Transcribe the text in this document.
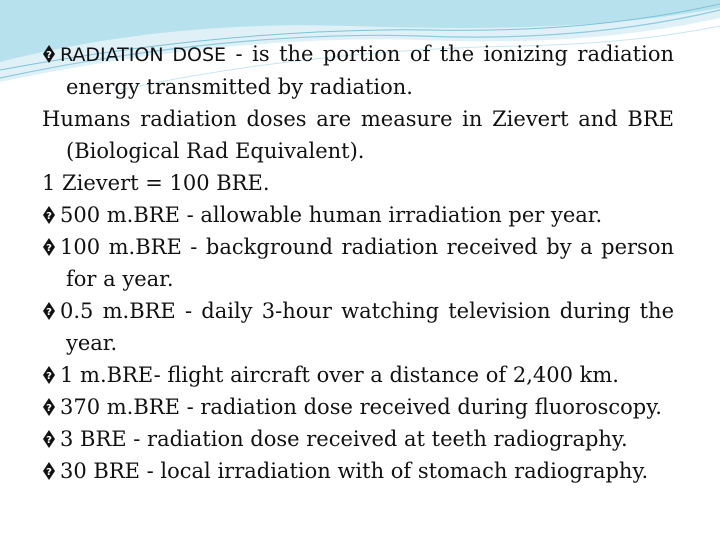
? RADIATION DOSE - is the portion of the ionizing radiation energy transmitted by radiation.

Humans radiation doses are measure in Zievert and BRE (Biological Rad Equivalent).

1 Zievert = 100 BRE.

? 500 m.BRE - allowable human irradiation per year.

? 100 m.BRE - background radiation received by a person for a year.

? 0.5 m.BRE - daily 3-hour watching television during the year.

? 1 m.BRE- flight aircraft over a distance of 2,400 km.

? 370 m.BRE - radiation dose received during fluoroscopy.

? 3 BRE - radiation dose received at teeth radiography.

? 30 BRE - local irradiation with of stomach radiography.
